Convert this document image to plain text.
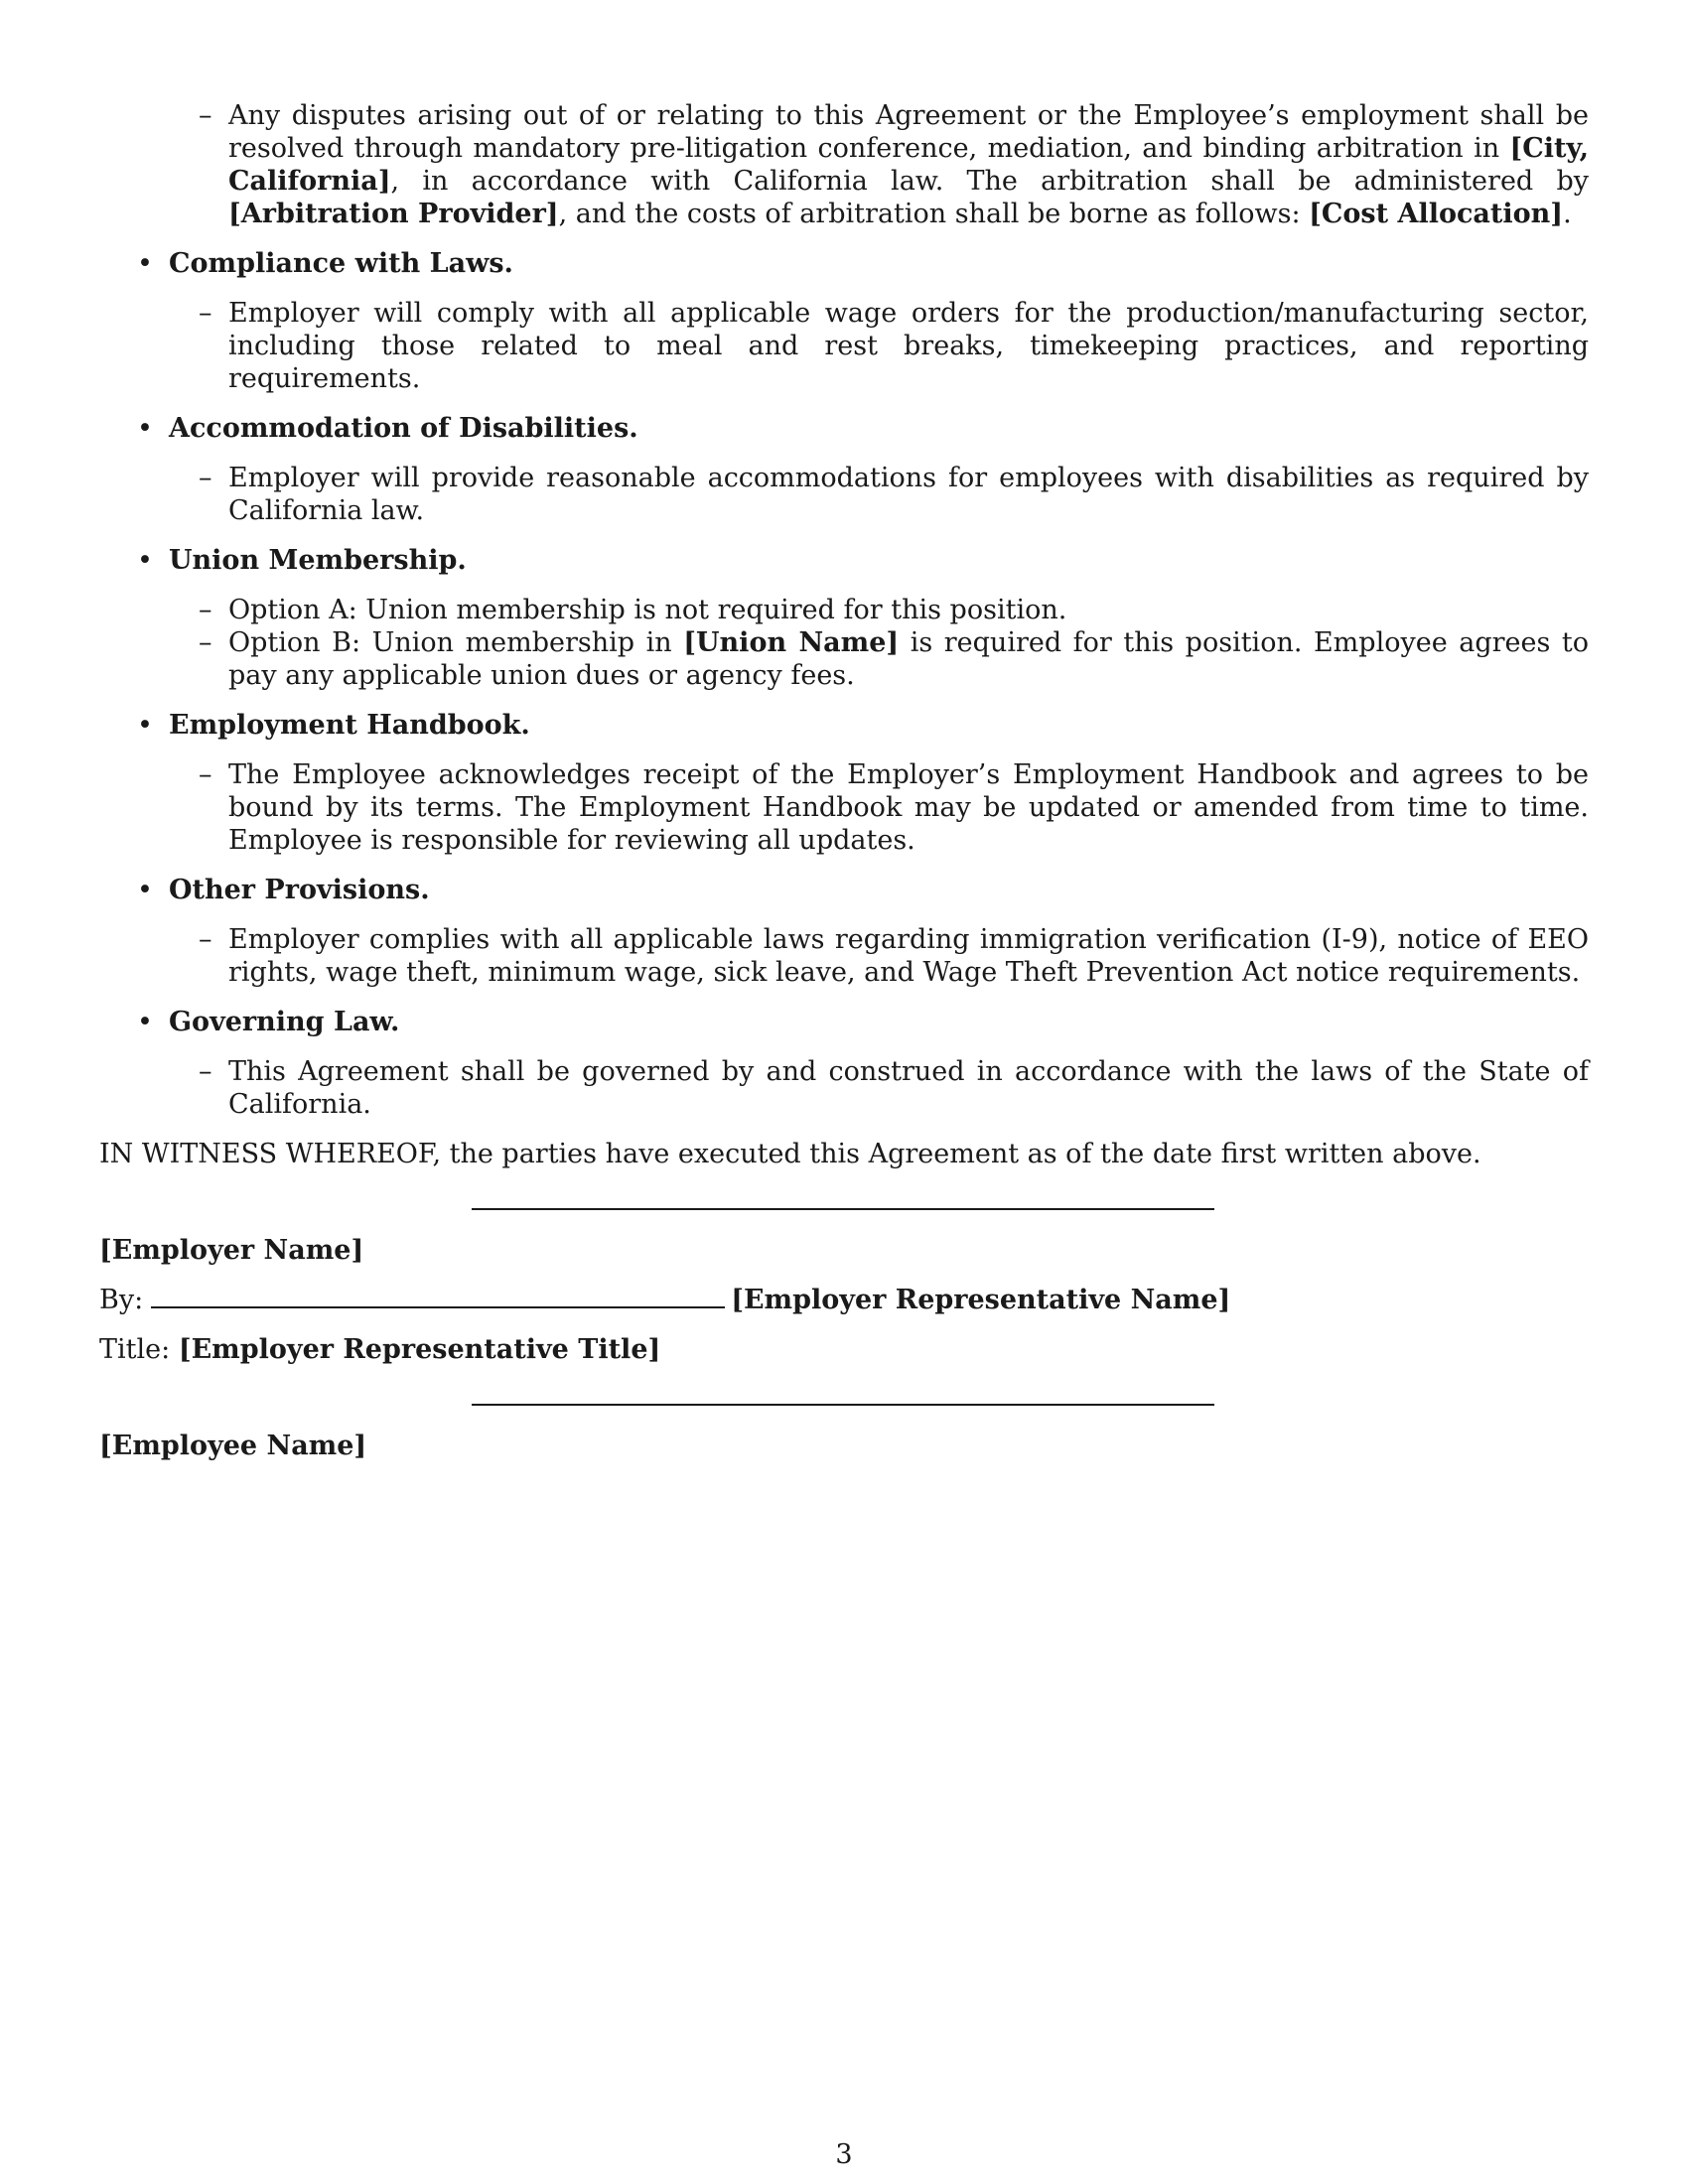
– Any disputes arising out of or relating to this Agreement or the Employee’s employment shall be resolved through mandatory pre-litigation conference, mediation, and binding arbitration in [City, California], in accordance with California law. The arbitration shall be administered by [Arbitration Provider], and the costs of arbitration shall be borne as follows: [Cost Allocation].

• Compliance with Laws.

– Employer will comply with all applicable wage orders for the production/manufacturing sector, including those related to meal and rest breaks, timekeeping practices, and reporting requirements.

• Accommodation of Disabilities.

– Employer will provide reasonable accommodations for employees with disabilities as required by California law.

• Union Membership.

– Option A: Union membership is not required for this position.

– Option B: Union membership in [Union Name] is required for this position. Employee agrees to pay any applicable union dues or agency fees.

• Employment Handbook.

– The Employee acknowledges receipt of the Employer’s Employment Handbook and agrees to be bound by its terms. The Employment Handbook may be updated or amended from time to time. Employee is responsible for reviewing all updates.

• Other Provisions.

– Employer complies with all applicable laws regarding immigration verification (I-9), notice of EEO rights, wage theft, minimum wage, sick leave, and Wage Theft Prevention Act notice requirements.

• Governing Law.

– This Agreement shall be governed by and construed in accordance with the laws of the State of California.

IN WITNESS WHEREOF, the parties have executed this Agreement as of the date first written above.
[Employer Name]
By:	[Employer Representative Name]
Title: [Employer Representative Title]
[Employee Name]
3
